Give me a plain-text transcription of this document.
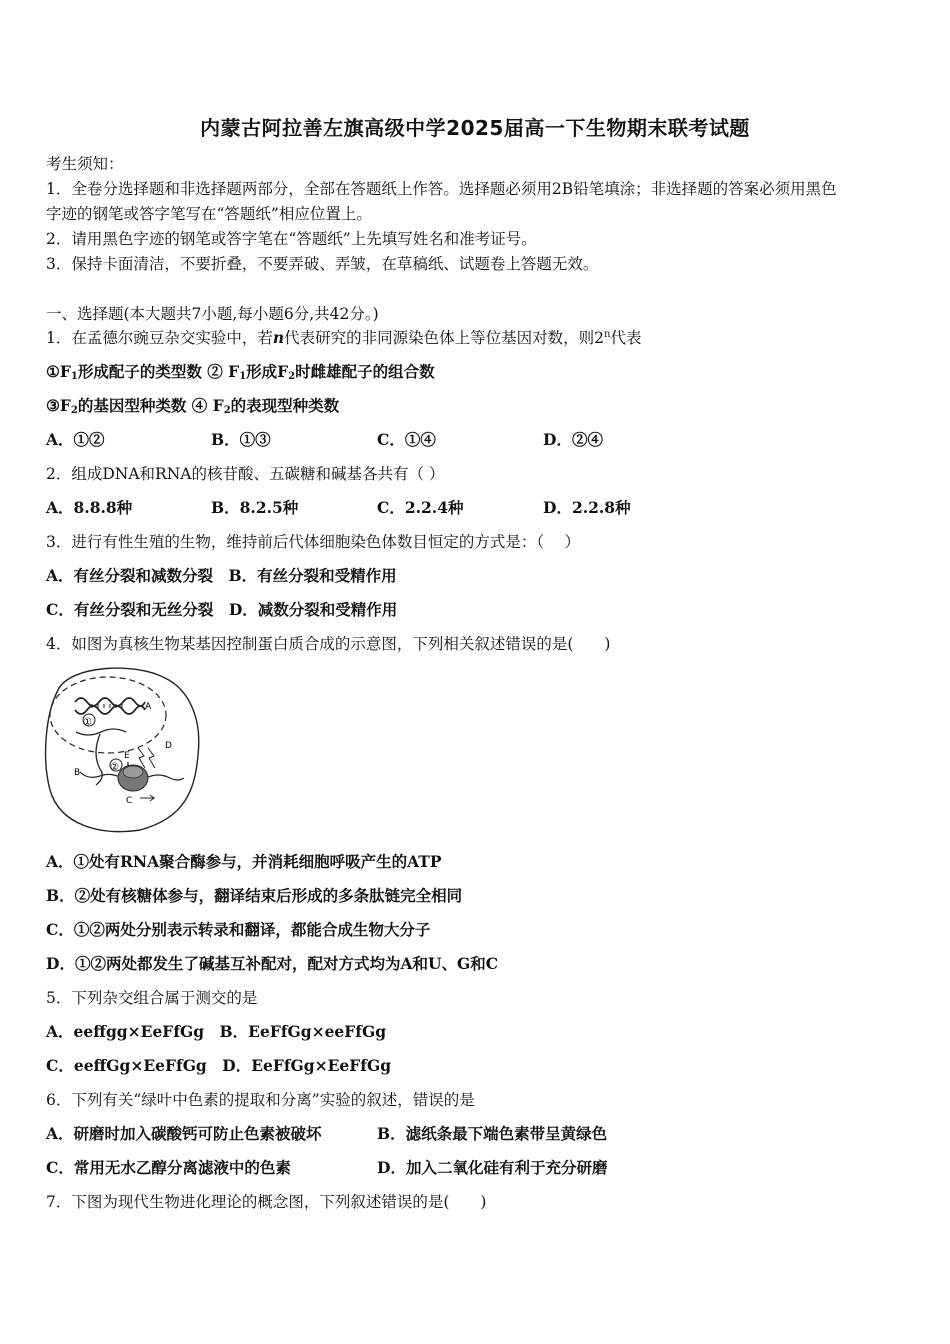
内蒙古阿拉善左旗高级中学2025届高一下生物期末联考试题
考生须知：
1．全卷分选择题和非选择题两部分，全部在答题纸上作答。选择题必须用2B铅笔填涂；非选择题的答案必须用黑色
字迹的钢笔或答字笔写在“答题纸”相应位置上。
2．请用黑色字迹的钢笔或答字笔在“答题纸”上先填写姓名和准考证号。
3．保持卡面清洁，不要折叠，不要弄破、弄皱，在草稿纸、试题卷上答题无效。
一、选择题(本大题共7小题,每小题6分,共42分。)
1．在孟德尔豌豆杂交实验中，若n代表研究的非同源染色体上等位基因对数，则2$^n$代表
$①F_1$形成配子的类型数 ② $F_1$形成$F_2$时雌雄配子的组合数
$③F_2$的基因型种类数 ④ $F_2$的表现型种类数
A．①②	B．①③	C．①④	D．②④
2．组成DNA和RNA的核苷酸、五碳糖和碱基各共有（ ）
A．8.8.8种	B．8.2.5种	C．2.2.4种	D．2.2.8种
3．进行有性生殖的生物，维持前后代体细胞染色体数目恒定的方式是：（　 ）
A．有丝分裂和减数分裂　B．有丝分裂和受精作用
C．有丝分裂和无丝分裂　D．减数分裂和受精作用
4．如图为真核生物某基因控制蛋白质合成的示意图，下列相关叙述错误的是(　　)
A
①
D
E
B	②
C
A．①处有RNA聚合酶参与，并消耗细胞呼吸产生的ATP
B．②处有核糖体参与，翻译结束后形成的多条肽链完全相同
C．①②两处分别表示转录和翻译，都能合成生物大分子
D．①②两处都发生了碱基互补配对，配对方式均为A和U、G和C
5．下列杂交组合属于测交的是
A．eeffgg×EeFfGg　B．EeFfGg×eeFfGg
C．eeffGg×EeFfGg　D．EeFfGg×EeFfGg
6．下列有关“绿叶中色素的提取和分离”实验的叙述，错误的是
A．研磨时加入碳酸钙可防止色素被破坏	B．滤纸条最下端色素带呈黄绿色
C．常用无水乙醇分离滤液中的色素	D．加入二氧化硅有利于充分研磨
7．下图为现代生物进化理论的概念图，下列叙述错误的是(　　)
